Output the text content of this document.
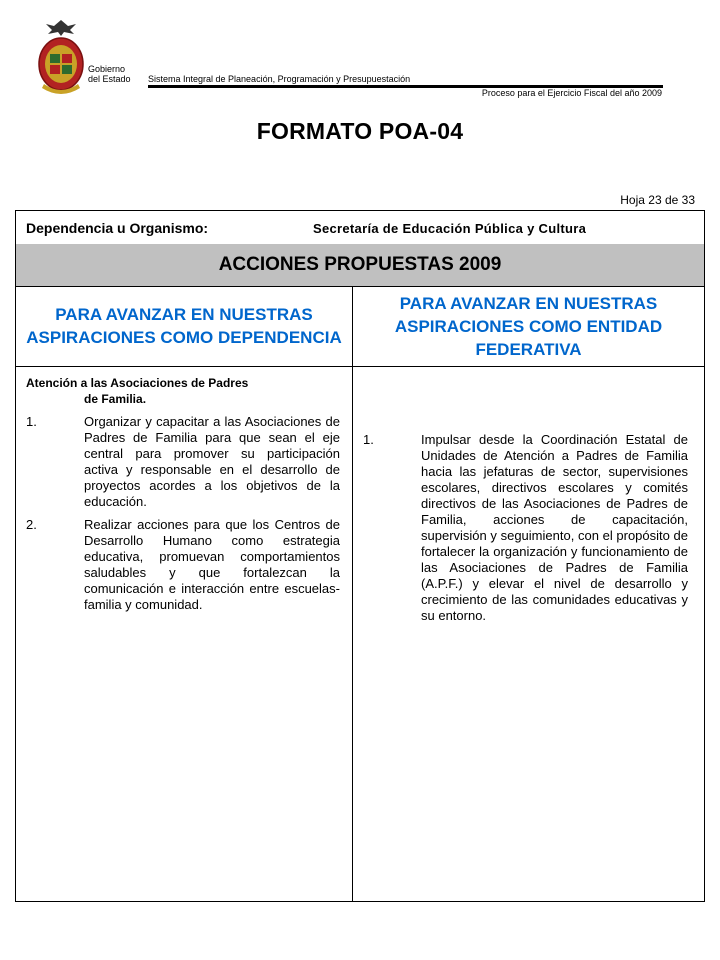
Gobierno
del Estado Sistema Integral de Planeación, Programación y Presupuestación
Proceso para el Ejercicio Fiscal del año 2009
FORMATO POA-04
Hoja 23 de 33
Dependencia u Organismo:	Secretaría de Educación Pública y Cultura
ACCIONES PROPUESTAS 2009
PARA AVANZAR EN NUESTRAS ASPIRACIONES COMO DEPENDENCIA
PARA AVANZAR EN NUESTRAS ASPIRACIONES COMO ENTIDAD FEDERATIVA
Atención a las Asociaciones de Padres
de Familia.
1.	Organizar y capacitar a las Asociaciones de Padres de Familia para que sean el eje central para promover su participación activa y responsable en el desarrollo de proyectos acordes a los objetivos de la educación.
2.	Realizar acciones para que los Centros de Desarrollo Humano como estrategia educativa, promuevan comportamientos saludables y que fortalezcan la comunicación e interacción entre escuelas-familia y comunidad.
1.	Impulsar desde la Coordinación Estatal de Unidades de Atención a Padres de Familia hacia las jefaturas de sector, supervisiones escolares, directivos escolares y comités directivos de las Asociaciones de Padres de Familia, acciones de capacitación, supervisión y seguimiento, con el propósito de fortalecer la organización y funcionamiento de las Asociaciones de Padres de Familia (A.P.F.) y elevar el nivel de desarrollo y crecimiento de las comunidades educativas y su entorno.
